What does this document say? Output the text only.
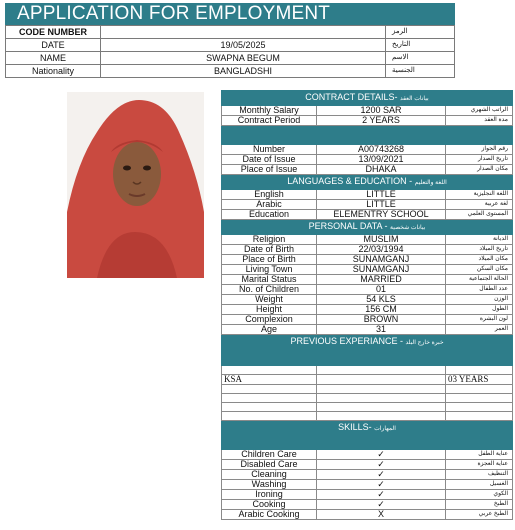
APPLICATION FOR EMPLOYMENT
CODE NUMBER		الرمز
DATE	19/05/2025	التاريخ
NAME	SWAPNA BEGUM	الاسم
Nationality	BANGLADSHI	الجنسية
CONTRACT DETAILS- بيانات العقد		
Monthly Salary	1200 SAR	الراتب الشهري
Contract Period	2 YEARS	مدة العقد

Number	A00743268	رقم الجواز
Date of Issue	13/09/2021	تاريخ الصدار
Place of Issue	DHAKA	مكان الصدار
LANGUAGES & EDUCATION - اللغة والتعليم		
English	LITTLE	اللغة النجليزية
Arabic	LITTLE	لغة عربية
Education	ELEMENTRY SCHOOL	المستوى العلمي
PERSONAL DATA - بيانات شخصية		
Religion	MUSLIM	الديانة
Date of Birth	22/03/1994	تاريخ الميلاد
Place of Birth	SUNAMGANJ	مكان الميلاد
Living Town	SUNAMGANJ	مكان السكن
Marital Status	MARRIED	الحالة الجتماعية
No. of Children	01	عدد الطفال
Weight	54 KLS	الوزن
Height	156 CM	الطول
Complexion	BROWN	لون البشرة
Age	31	العمر
PREVIOUS EXPERIANCE - خبرة خارج البلد		

KSA		03 YEARS

SKILLS- المهارات		
Children Care	✓	عناية الطفل
Disabled Care	✓	عناية العجزة
Cleaning	✓	التنظيف
Washing	✓	الغسيل
Ironing	✓	الكوي
Cooking	✓	الطبخ
Arabic Cooking	X	الطبخ عربي
